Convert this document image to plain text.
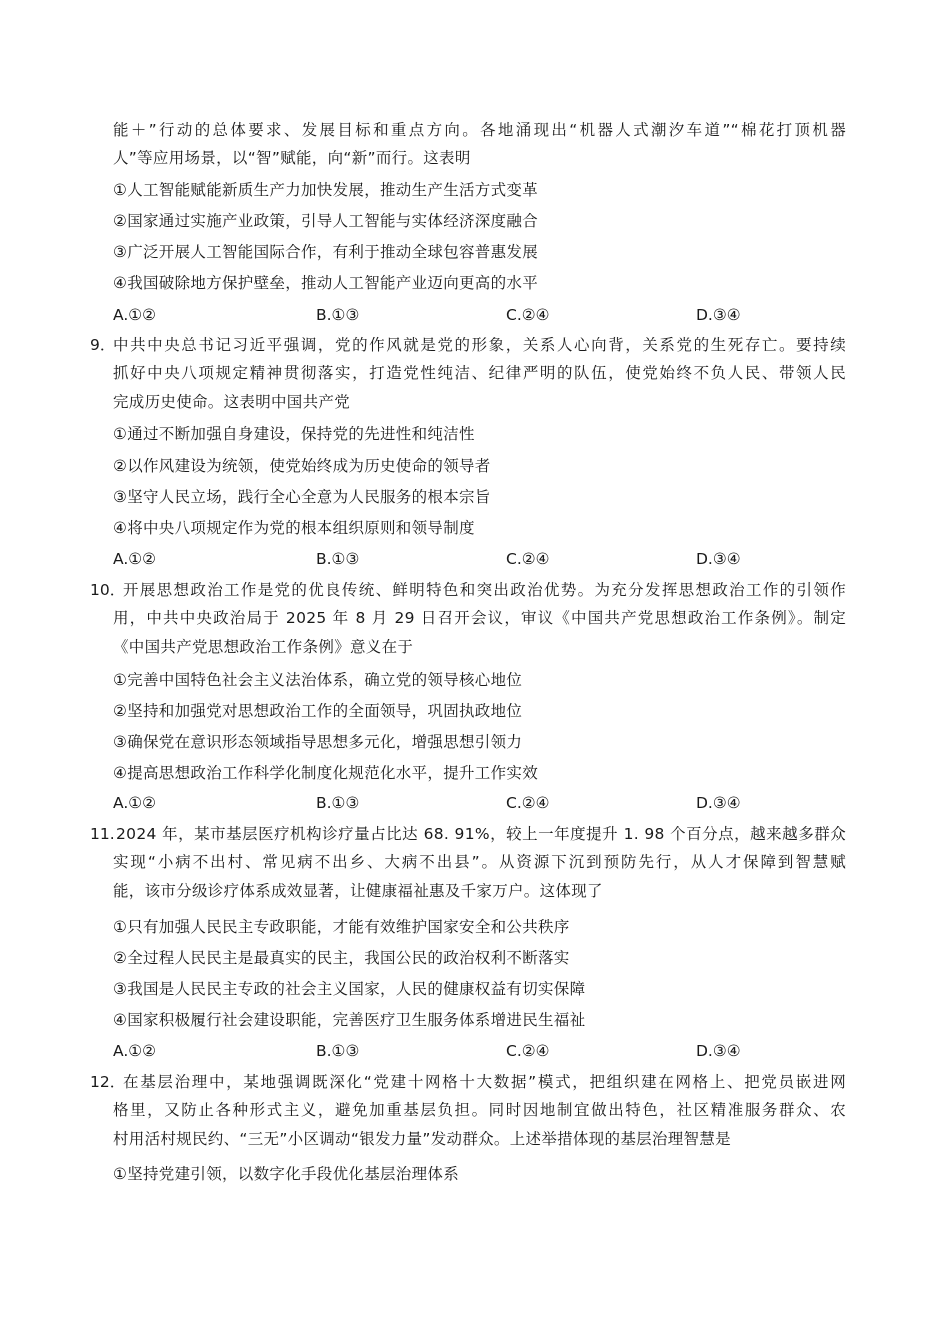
能＋”行动的总体要求、发展目标和重点方向。各地涌现出“机器人式潮汐车道”“棉花打顶机器
人”等应用场景，以“智”赋能，向“新”而行。这表明
①人工智能赋能新质生产力加快发展，推动生产生活方式变革
②国家通过实施产业政策，引导人工智能与实体经济深度融合
③广泛开展人工智能国际合作，有利于推动全球包容普惠发展
④我国破除地方保护壁垒，推动人工智能产业迈向更高的水平
A.①②	B.①③	C.②④	D.③④
9．
中共中央总书记习近平强调，党的作风就是党的形象，关系人心向背，关系党的生死存亡。要持续
抓好中央八项规定精神贯彻落实，打造党性纯洁、纪律严明的队伍，使党始终不负人民、带领人民
完成历史使命。这表明中国共产党
①通过不断加强自身建设，保持党的先进性和纯洁性
②以作风建设为统领，使党始终成为历史使命的领导者
③坚守人民立场，践行全心全意为人民服务的根本宗旨
④将中央八项规定作为党的根本组织原则和领导制度
A.①②	B.①③	C.②④	D.③④
10．
开展思想政治工作是党的优良传统、鲜明特色和突出政治优势。为充分发挥思想政治工作的引领作
用，中共中央政治局于 2025 年 8 月 29 日召开会议，审议《中国共产党思想政治工作条例》。制定
《中国共产党思想政治工作条例》意义在于
①完善中国特色社会主义法治体系，确立党的领导核心地位
②坚持和加强党对思想政治工作的全面领导，巩固执政地位
③确保党在意识形态领域指导思想多元化，增强思想引领力
④提高思想政治工作科学化制度化规范化水平，提升工作实效
A.①②	B.①③	C.②④	D.③④
11. 2024 年，某市基层医疗机构诊疗量占比达 68. 91%，较上一年度提升 1. 98 个百分点，越来越多群众
实现“小病不出村、常见病不出乡、大病不出县”。从资源下沉到预防先行，从人才保障到智慧赋
能，该市分级诊疗体系成效显著，让健康福祉惠及千家万户。这体现了
①只有加强人民民主专政职能，才能有效维护国家安全和公共秩序
②全过程人民民主是最真实的民主，我国公民的政治权利不断落实
③我国是人民民主专政的社会主义国家，人民的健康权益有切实保障
④国家积极履行社会建设职能，完善医疗卫生服务体系增进民生福祉
A.①②	B.①③	C.②④	D.③④
12．
在基层治理中，某地强调既深化“党建十网格十大数据”模式，把组织建在网格上、把党员嵌进网
格里，又防止各种形式主义，避免加重基层负担。同时因地制宜做出特色，社区精准服务群众、农
村用活村规民约、“三无”小区调动“银发力量”发动群众。上述举措体现的基层治理智慧是
①坚持党建引领，以数字化手段优化基层治理体系
